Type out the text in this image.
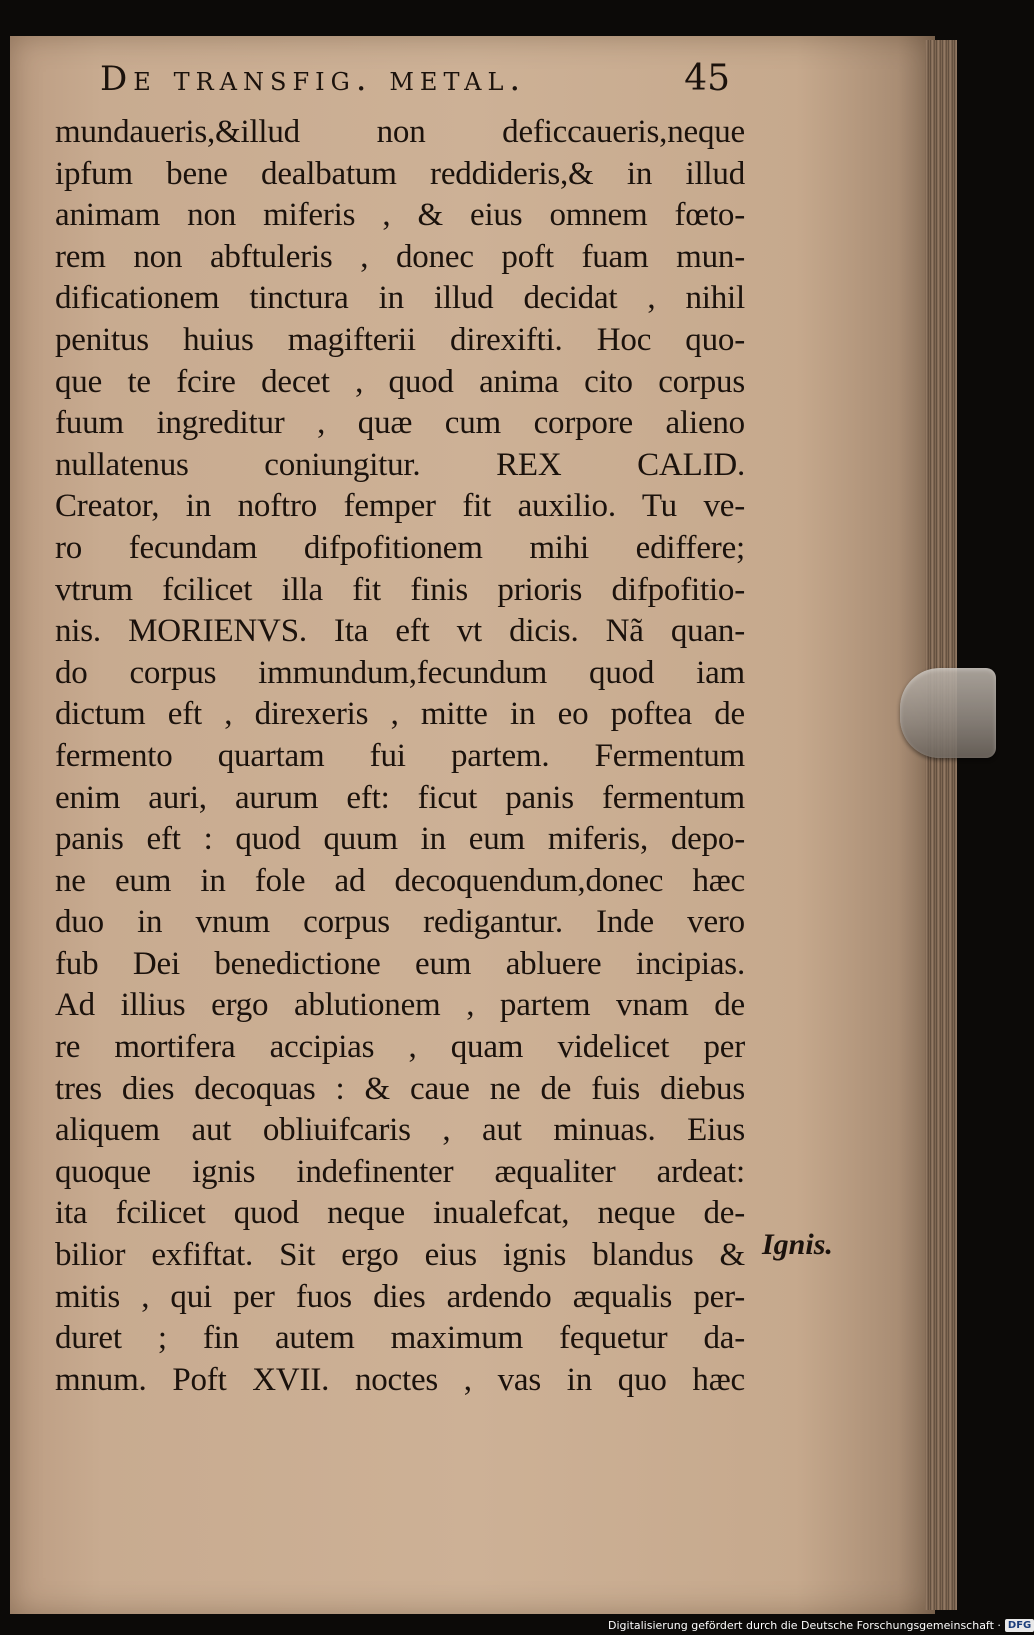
De transfig. metal.	45
mundaueris,&illud non deficcaueris,neque
ipfum bene dealbatum reddideris,& in illud
animam non miferis , & eius omnem fœto-
rem non abftuleris , donec poft fuam mun-
dificationem tinctura in illud decidat , nihil
penitus huius magifterii direxifti. Hoc quo-
que te fcire decet , quod anima cito corpus
fuum ingreditur , quæ cum corpore alieno
nullatenus coniungitur. REX CALID.
Creator, in noftro femper fit auxilio. Tu ve-
ro fecundam difpofitionem mihi ediffere;
vtrum fcilicet illa fit finis prioris difpofitio-
nis. MORIENVS. Ita eft vt dicis. Nã quan-
do corpus immundum,fecundum quod iam
dictum eft , direxeris , mitte in eo poftea de
fermento quartam fui partem. Fermentum
enim auri, aurum eft: ficut panis fermentum
panis eft : quod quum in eum miferis, depo-
ne eum in fole ad decoquendum,donec hæc
duo in vnum corpus redigantur. Inde vero
fub Dei benedictione eum abluere incipias.
Ad illius ergo ablutionem , partem vnam de
re mortifera accipias , quam videlicet per
tres dies decoquas : & caue ne de fuis diebus
aliquem aut obliuifcaris , aut minuas. Eius
quoque ignis indefinenter æqualiter ardeat:
ita fcilicet quod neque inualefcat, neque de-
bilior exfiftat. Sit ergo eius ignis blandus &
mitis , qui per fuos dies ardendo æqualis per-
duret ; fin autem maximum fequetur da-
mnum. Poft XVII. noctes , vas in quo hæc
Ignis.
Digitalisierung gefördert durch die Deutsche Forschungsgemeinschaft · DFG
